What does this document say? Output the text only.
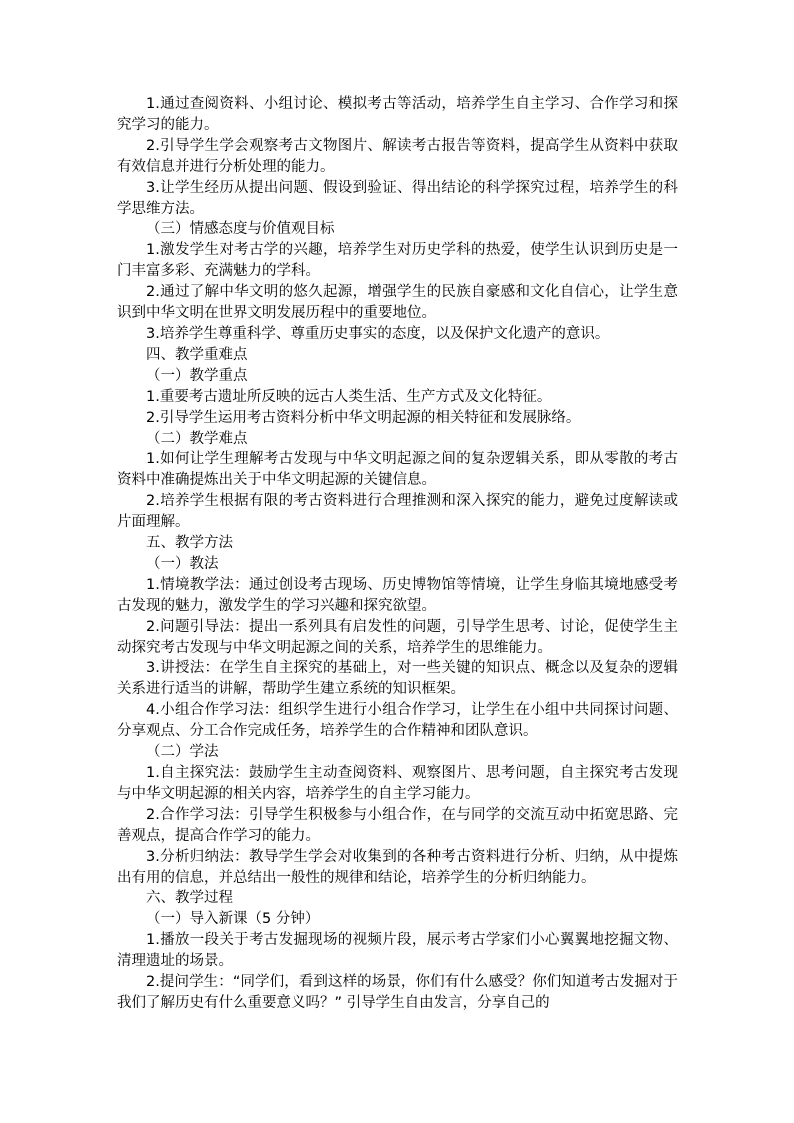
1.通过查阅资料、小组讨论、模拟考古等活动，培养学生自主学习、合作学习和探究学习的能力。

2.引导学生学会观察考古文物图片、解读考古报告等资料，提高学生从资料中获取有效信息并进行分析处理的能力。

3.让学生经历从提出问题、假设到验证、得出结论的科学探究过程，培养学生的科学思维方法。

（三）情感态度与价值观目标

1.激发学生对考古学的兴趣，培养学生对历史学科的热爱，使学生认识到历史是一门丰富多彩、充满魅力的学科。

2.通过了解中华文明的悠久起源，增强学生的民族自豪感和文化自信心，让学生意识到中华文明在世界文明发展历程中的重要地位。

3.培养学生尊重科学、尊重历史事实的态度，以及保护文化遗产的意识。

四、教学重难点

（一）教学重点

1.重要考古遗址所反映的远古人类生活、生产方式及文化特征。

2.引导学生运用考古资料分析中华文明起源的相关特征和发展脉络。

（二）教学难点

1.如何让学生理解考古发现与中华文明起源之间的复杂逻辑关系，即从零散的考古资料中准确提炼出关于中华文明起源的关键信息。

2.培养学生根据有限的考古资料进行合理推测和深入探究的能力，避免过度解读或片面理解。

五、教学方法

（一）教法

1.情境教学法：通过创设考古现场、历史博物馆等情境，让学生身临其境地感受考古发现的魅力，激发学生的学习兴趣和探究欲望。

2.问题引导法：提出一系列具有启发性的问题，引导学生思考、讨论，促使学生主动探究考古发现与中华文明起源之间的关系，培养学生的思维能力。

3.讲授法：在学生自主探究的基础上，对一些关键的知识点、概念以及复杂的逻辑关系进行适当的讲解，帮助学生建立系统的知识框架。

4.小组合作学习法：组织学生进行小组合作学习，让学生在小组中共同探讨问题、分享观点、分工合作完成任务，培养学生的合作精神和团队意识。

（二）学法

1.自主探究法：鼓励学生主动查阅资料、观察图片、思考问题，自主探究考古发现与中华文明起源的相关内容，培养学生的自主学习能力。

2.合作学习法：引导学生积极参与小组合作，在与同学的交流互动中拓宽思路、完善观点，提高合作学习的能力。

3.分析归纳法：教导学生学会对收集到的各种考古资料进行分析、归纳，从中提炼出有用的信息，并总结出一般性的规律和结论，培养学生的分析归纳能力。

六、教学过程

（一）导入新课（5 分钟）

1.播放一段关于考古发掘现场的视频片段，展示考古学家们小心翼翼地挖掘文物、清理遗址的场景。

2.提问学生：“同学们，看到这样的场景，你们有什么感受？你们知道考古发掘对于我们了解历史有什么重要意义吗？” 引导学生自由发言，分享自己的
